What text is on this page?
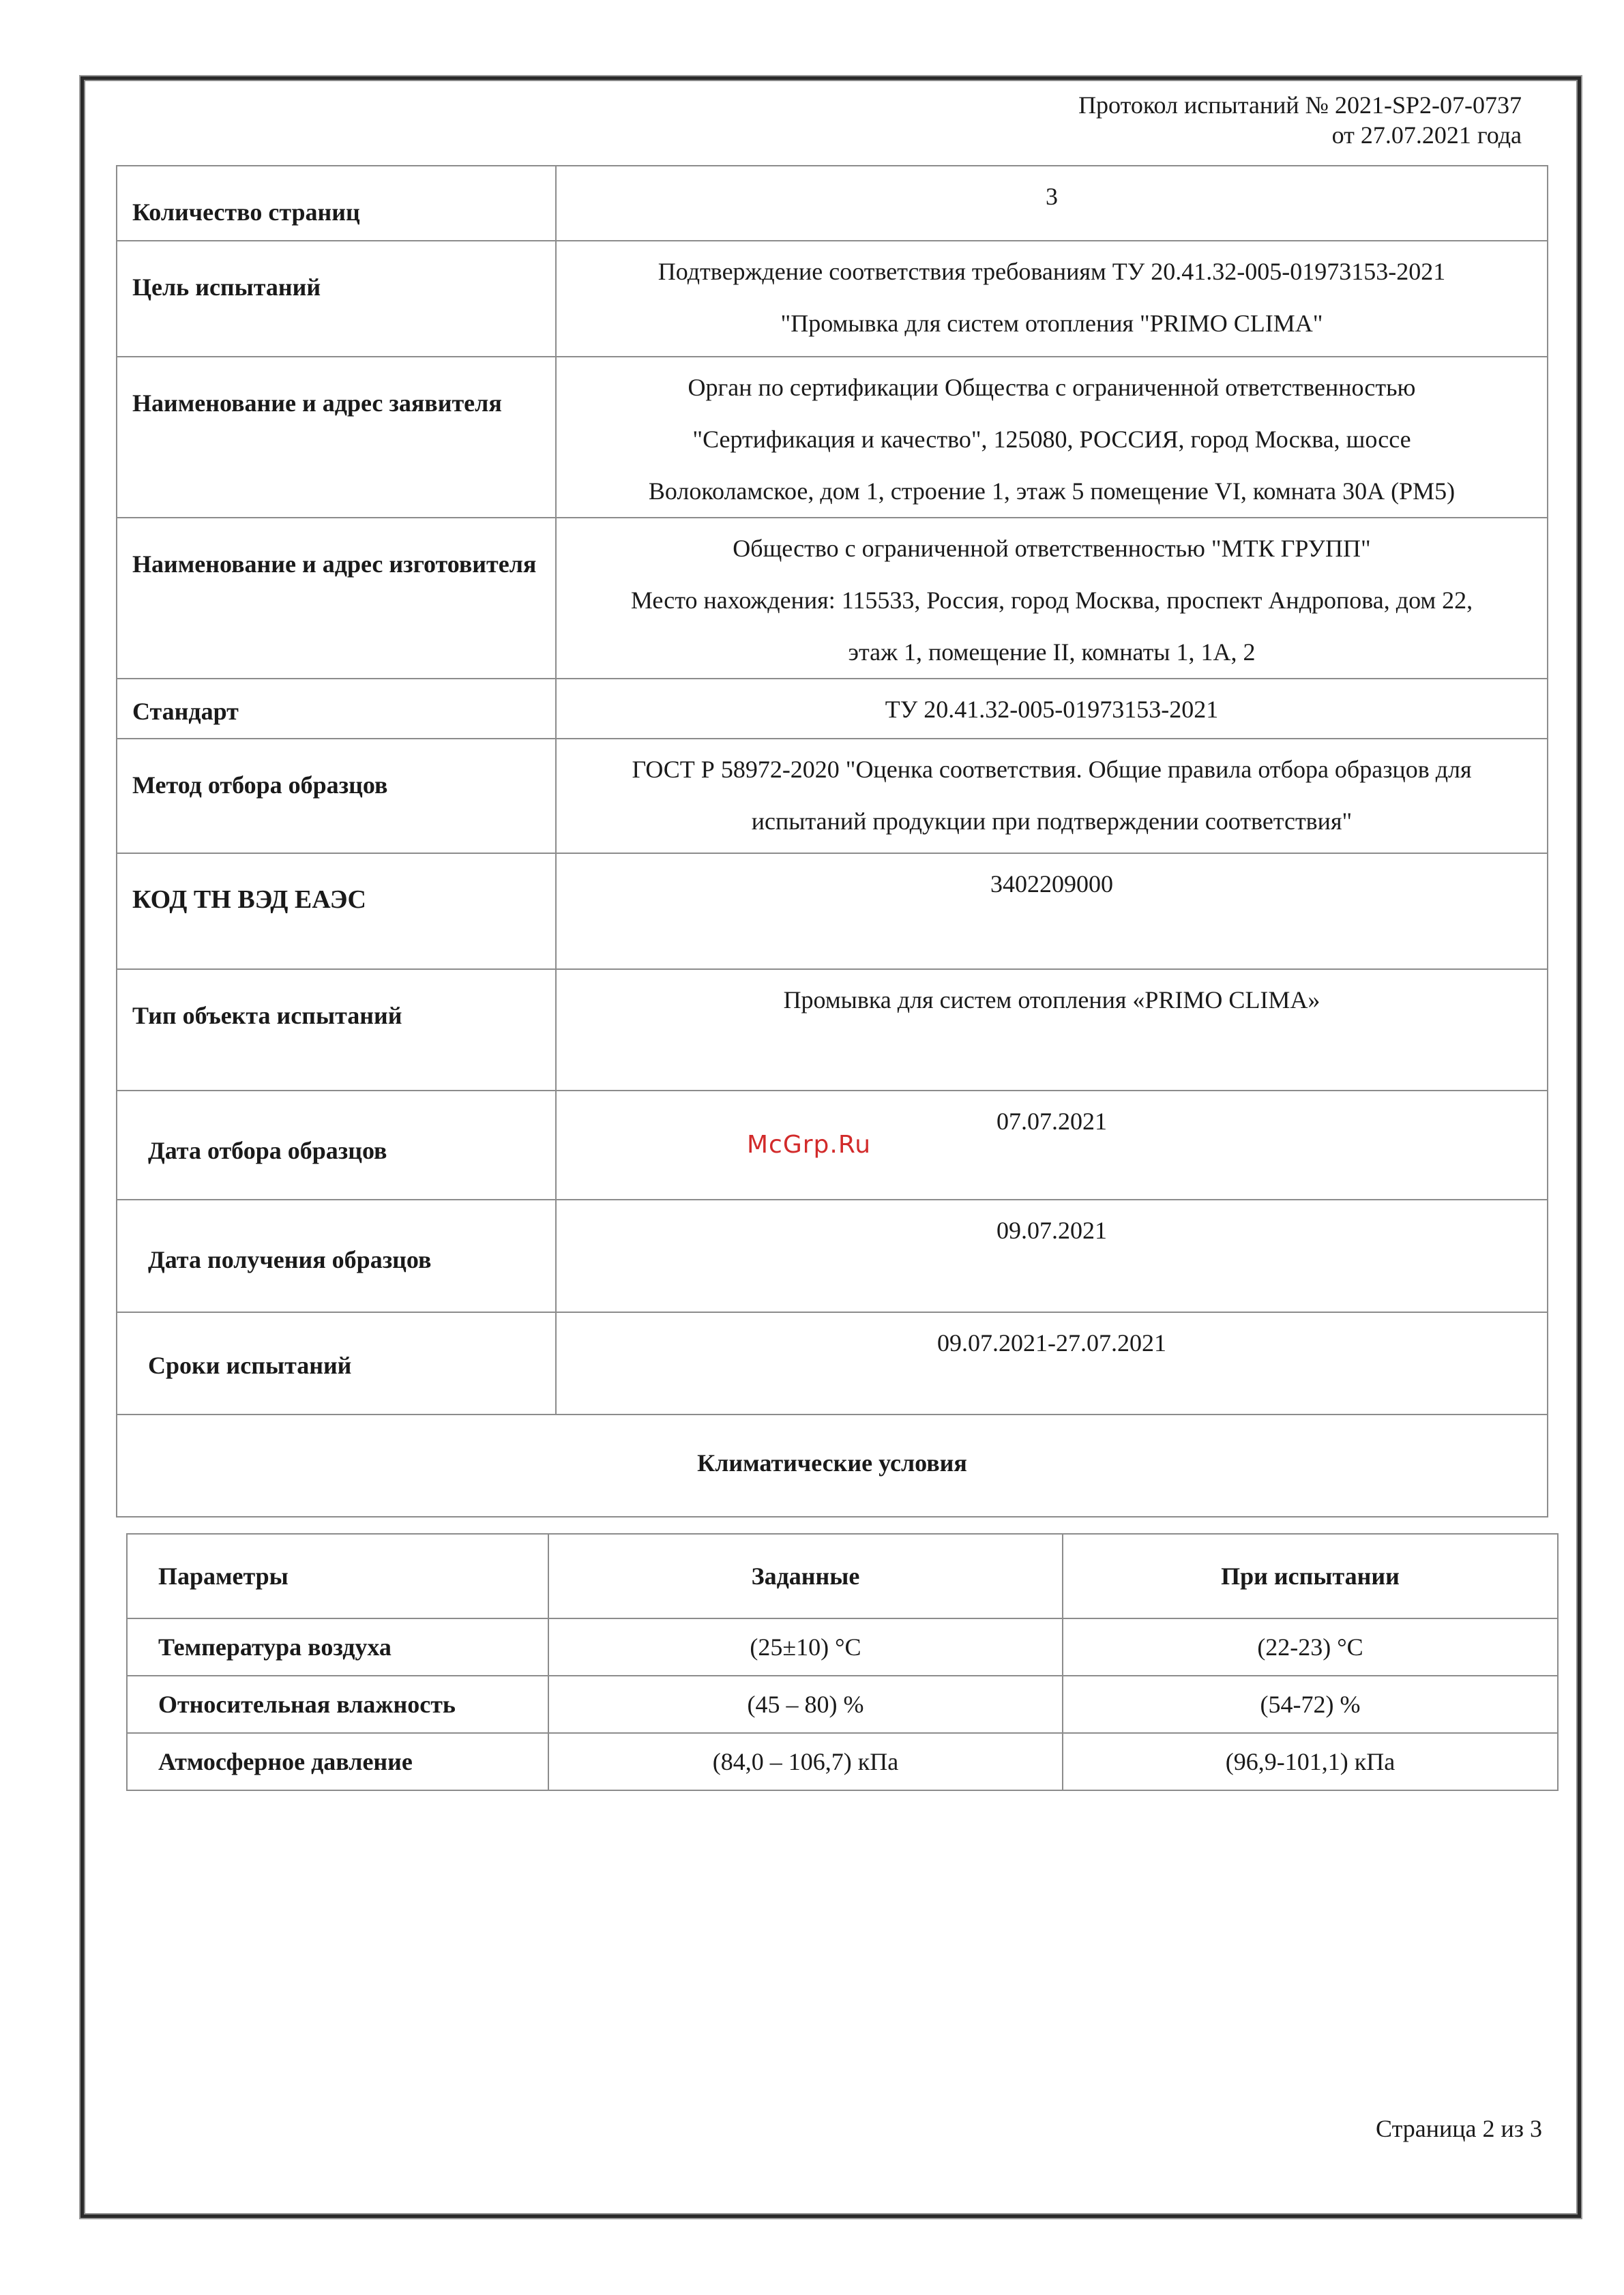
Протокол испытаний № 2021-SP2-07-0737
от 27.07.2021 года
Количество страниц	3
Цель испытаний	Подтверждение соответствия требованиям ТУ 20.41.32-005-01973153-2021
"Промывка для систем отопления "PRIMO CLIMA"

Наименование и адрес заявителя	Орган по сертификации Общества с ограниченной ответственностью
"Сертификация и качество", 125080, РОССИЯ, город Москва, шоссе
Волоколамское, дом 1, строение 1, этаж 5 помещение VI, комната 30А (РМ5)

Наименование и адрес изготовителя	Общество с ограниченной ответственностью "МТК ГРУПП"
Место нахождения: 115533, Россия, город Москва, проспект Андропова, дом 22,
этаж 1, помещение II, комнаты 1, 1А, 2

Стандарт	ТУ 20.41.32-005-01973153-2021
Метод отбора образцов	ГОСТ Р 58972-2020 "Оценка соответствия. Общие правила отбора образцов для
испытаний продукции при подтверждении соответствия"

КОД ТН ВЭД ЕАЭС	3402209000
Тип объекта испытаний	Промывка для систем отопления «PRIMO CLIMA»
Дата отбора образцов	07.07.2021
Дата получения образцов	09.07.2021
Сроки испытаний	09.07.2021-27.07.2021
Климатические условия	
Параметры	Заданные	При испытании
Температура воздуха	(25±10) °С	(22-23) °С
Относительная влажность	(45 – 80) %	(54-72) %
Атмосферное давление	(84,0 – 106,7) кПа	(96,9-101,1) кПа
McGrp.Ru
Страница 2 из 3
